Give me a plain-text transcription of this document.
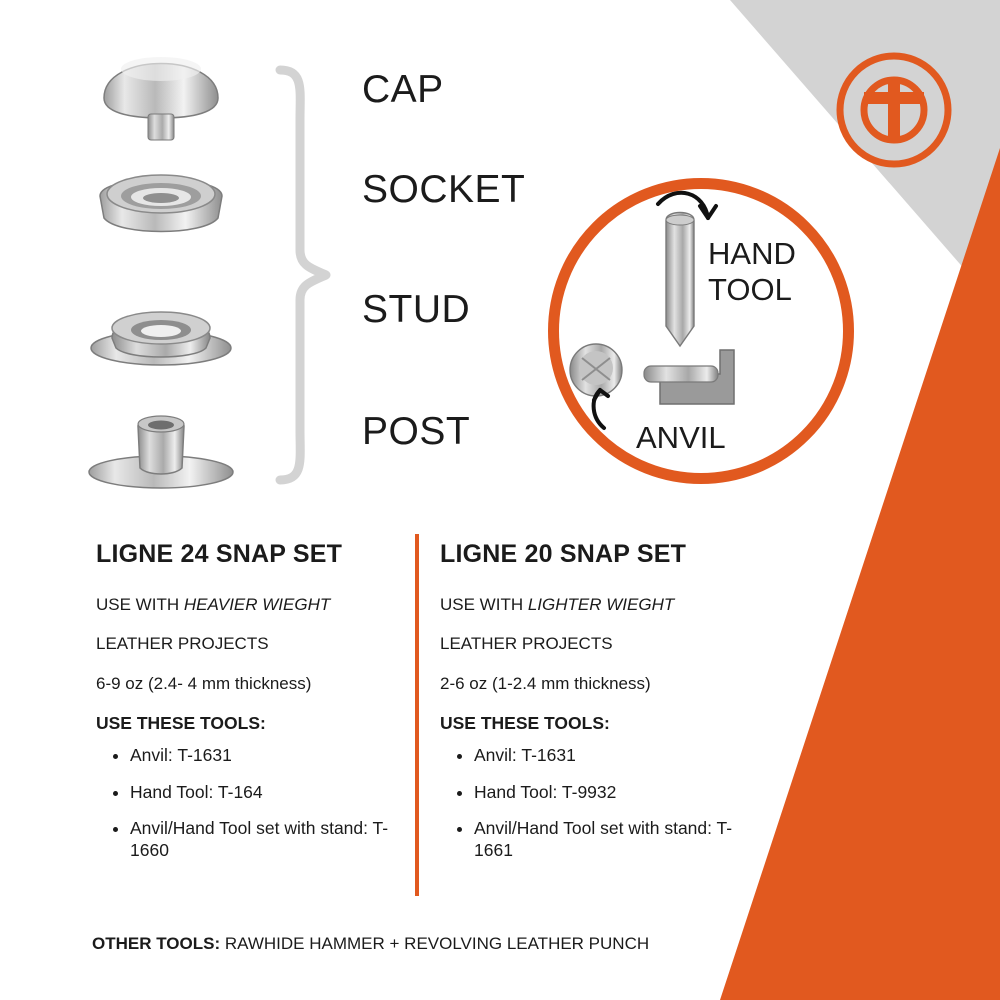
CAP
SOCKET
STUD
POST
HAND
TOOL
ANVIL
LIGNE 24 SNAP SET

USE WITH HEAVIER WIEGHT

LEATHER PROJECTS

6-9 oz (2.4- 4 mm thickness)

USE THESE TOOLS:

• Anvil: T-1631
• Hand Tool: T-164
• Anvil/Hand Tool set with stand: T-1660
LIGNE 20 SNAP SET

USE WITH LIGHTER WIEGHT

LEATHER PROJECTS

2-6 oz (1-2.4 mm thickness)

USE THESE TOOLS:

• Anvil: T-1631
• Hand Tool: T-9932
• Anvil/Hand Tool set with stand: T-1661
OTHER TOOLS: RAWHIDE HAMMER + REVOLVING LEATHER PUNCH
